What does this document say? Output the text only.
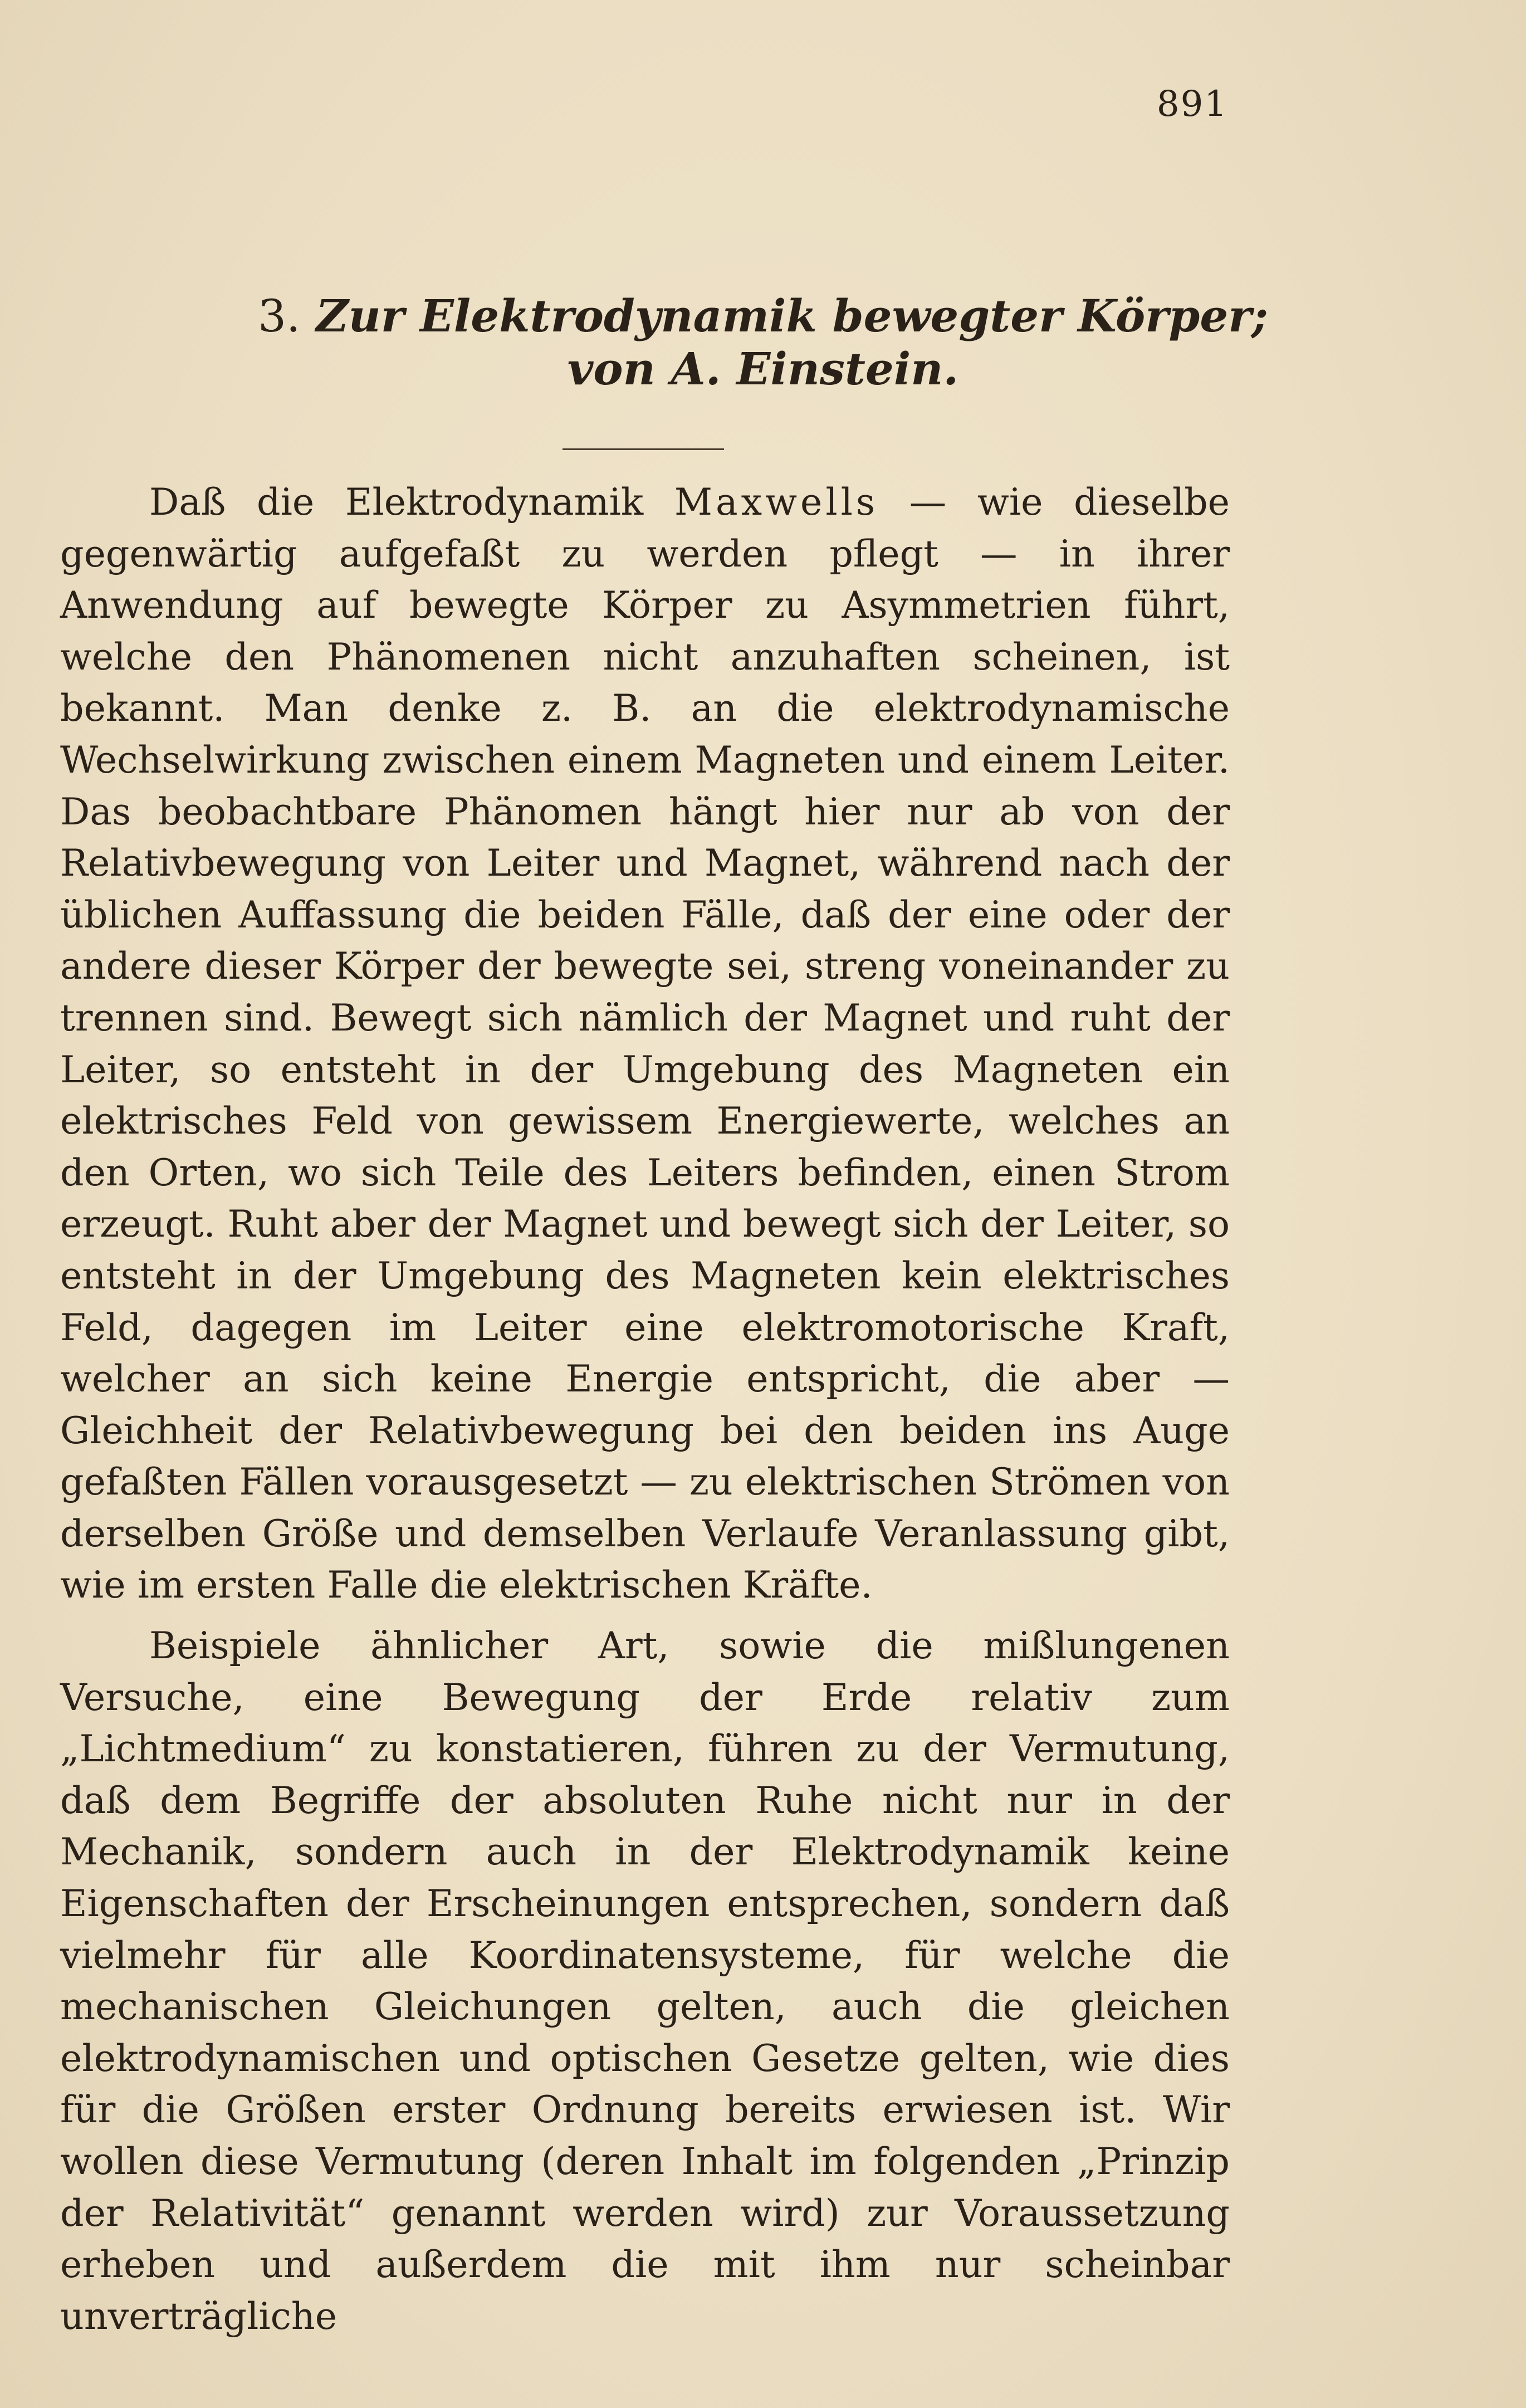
891
3. Zur Elektrodynamik bewegter Körper;
von A. Einstein.

Daß die Elektrodynamik Maxwells — wie dieselbe gegenwärtig aufgefaßt zu werden pflegt — in ihrer Anwendung auf bewegte Körper zu Asymmetrien führt, welche den Phänomenen nicht anzuhaften scheinen, ist bekannt. Man denke z. B. an die elektrodynamische Wechselwirkung zwischen einem Magneten und einem Leiter. Das beobachtbare Phänomen hängt hier nur ab von der Relativbewegung von Leiter und Magnet, während nach der üblichen Auffassung die beiden Fälle, daß der eine oder der andere dieser Körper der bewegte sei, streng voneinander zu trennen sind. Bewegt sich nämlich der Magnet und ruht der Leiter, so entsteht in der Umgebung des Magneten ein elektrisches Feld von gewissem Energiewerte, welches an den Orten, wo sich Teile des Leiters befinden, einen Strom erzeugt. Ruht aber der Magnet und bewegt sich der Leiter, so entsteht in der Umgebung des Magneten kein elektrisches Feld, dagegen im Leiter eine elektromotorische Kraft, welcher an sich keine Energie entspricht, die aber — Gleichheit der Relativbewegung bei den beiden ins Auge gefaßten Fällen vorausgesetzt — zu elektrischen Strömen von derselben Größe und demselben Verlaufe Veranlassung gibt, wie im ersten Falle die elektrischen Kräfte.

Beispiele ähnlicher Art, sowie die mißlungenen Versuche, eine Bewegung der Erde relativ zum „Lichtmedium“ zu konstatieren, führen zu der Vermutung, daß dem Begriffe der absoluten Ruhe nicht nur in der Mechanik, sondern auch in der Elektrodynamik keine Eigenschaften der Erscheinungen entsprechen, sondern daß vielmehr für alle Koordinatensysteme, für welche die mechanischen Gleichungen gelten, auch die gleichen elektrodynamischen und optischen Gesetze gelten, wie dies für die Größen erster Ordnung bereits erwiesen ist. Wir wollen diese Vermutung (deren Inhalt im folgenden „Prinzip der Relativität“ genannt werden wird) zur Voraussetzung erheben und außerdem die mit ihm nur scheinbar unverträgliche
